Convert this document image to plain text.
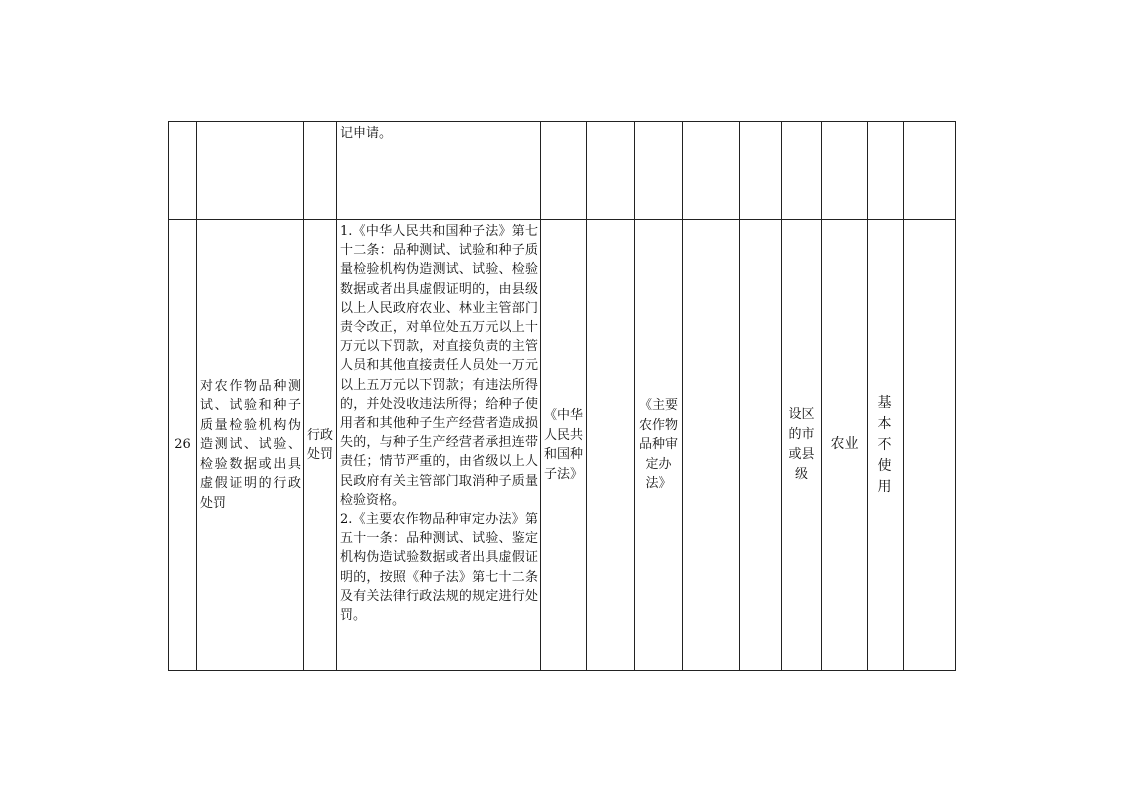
			记申请。									

26	对农作物品种测试、试验和种子质量检验机构伪造测试、试验、检验数据或出具虚假证明的行政处罚	行政处罚	1.《中华人民共和国种子法》第七十二条：品种测试、试验和种子质量检验机构伪造测试、试验、检验数据或者出具虚假证明的，由县级以上人民政府农业、林业主管部门责令改正，对单位处五万元以上十万元以下罚款，对直接负责的主管人员和其他直接责任人员处一万元以上五万元以下罚款；有违法所得的，并处没收违法所得；给种子使用者和其他种子生产经营者造成损失的，与种子生产经营者承担连带责任；情节严重的，由省级以上人民政府有关主管部门取消种子质量检验资格。

2.《主要农作物品种审定办法》第五十一条：品种测试、试验、鉴定机构伪造试验数据或者出具虚假证明的，按照《种子法》第七十二条及有关法律行政法规的规定进行处罚。	《中华人民共和国种子法》		《主要农作物品种审定办法》			设区的市或县级	农业	基本不使用	
